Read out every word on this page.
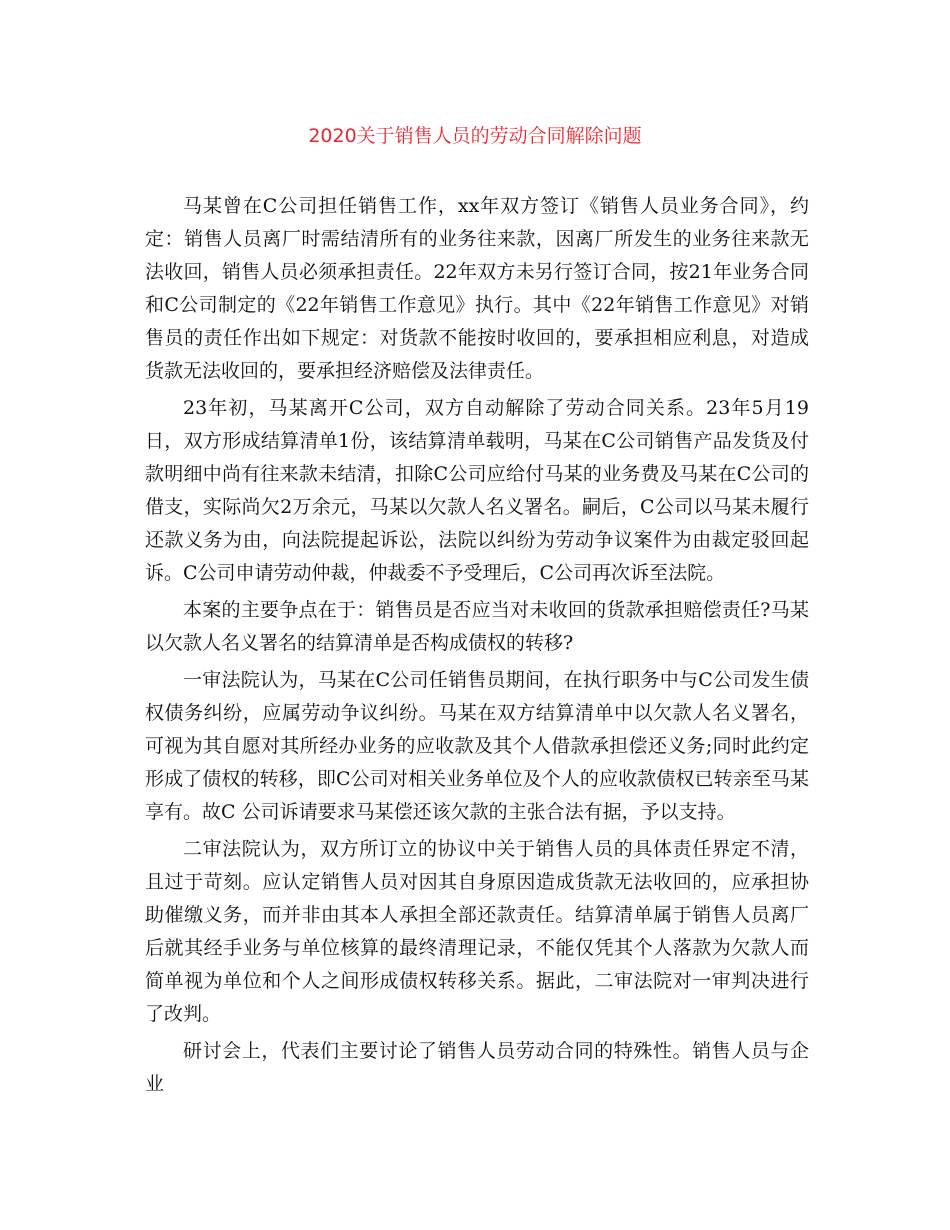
2020关于销售人员的劳动合同解除问题

马某曾在C公司担任销售工作，xx年双方签订《销售人员业务合同》，约定：销售人员离厂时需结清所有的业务往来款，因离厂所发生的业务往来款无法收回，销售人员必须承担责任。22年双方未另行签订合同，按21年业务合同和C公司制定的《22年销售工作意见》执行。其中《22年销售工作意见》对销售员的责任作出如下规定：对货款不能按时收回的，要承担相应利息，对造成货款无法收回的，要承担经济赔偿及法律责任。

23年初，马某离开C公司，双方自动解除了劳动合同关系。23年5月19日，双方形成结算清单1份，该结算清单载明，马某在C公司销售产品发货及付款明细中尚有往来款未结清，扣除C公司应给付马某的业务费及马某在C公司的借支，实际尚欠2万余元，马某以欠款人名义署名。嗣后，C公司以马某未履行还款义务为由，向法院提起诉讼，法院以纠纷为劳动争议案件为由裁定驳回起诉。C公司申请劳动仲裁，仲裁委不予受理后，C公司再次诉至法院。

本案的主要争点在于：销售员是否应当对未收回的货款承担赔偿责任?马某以欠款人名义署名的结算清单是否构成债权的转移?

一审法院认为，马某在C公司任销售员期间，在执行职务中与C公司发生债权债务纠纷，应属劳动争议纠纷。马某在双方结算清单中以欠款人名义署名，可视为其自愿对其所经办业务的应收款及其个人借款承担偿还义务;同时此约定形成了债权的转移，即C公司对相关业务单位及个人的应收款债权已转亲至马某享有。故C 公司诉请要求马某偿还该欠款的主张合法有据，予以支持。

二审法院认为，双方所订立的协议中关于销售人员的具体责任界定不清，且过于苛刻。应认定销售人员对因其自身原因造成货款无法收回的，应承担协助催缴义务，而并非由其本人承担全部还款责任。结算清单属于销售人员离厂后就其经手业务与单位核算的最终清理记录，不能仅凭其个人落款为欠款人而简单视为单位和个人之间形成债权转移关系。据此，二审法院对一审判决进行了改判。

研讨会上，代表们主要讨论了销售人员劳动合同的特殊性。销售人员与企业
